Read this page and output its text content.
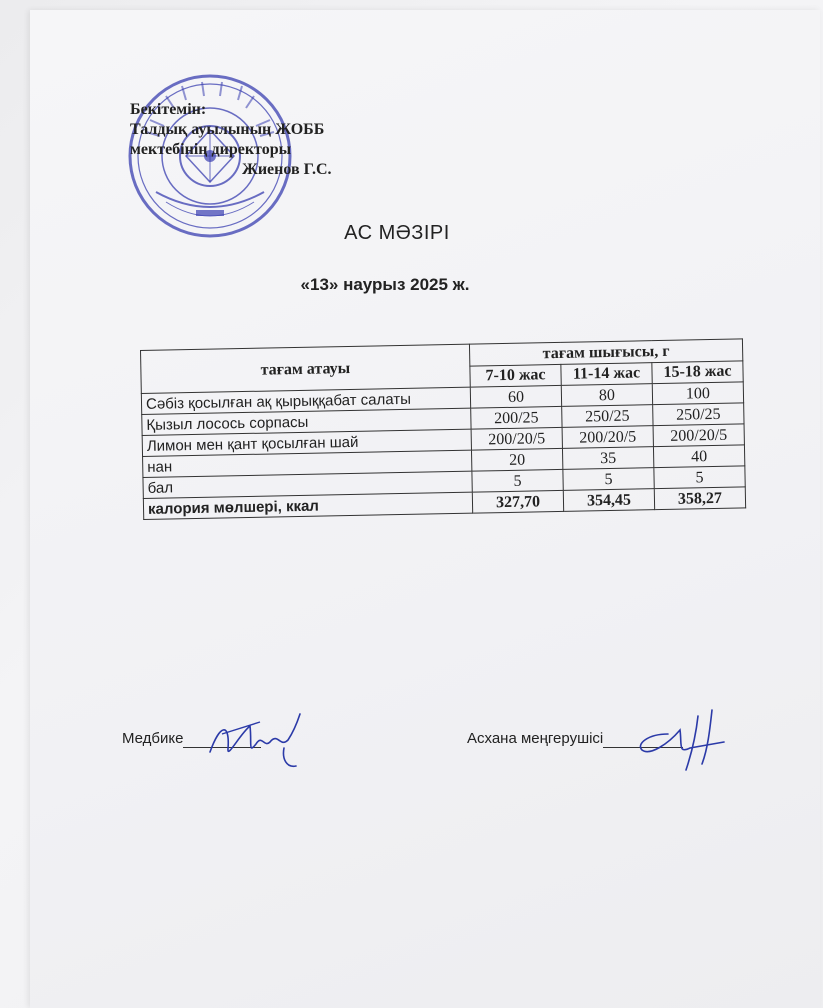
Бекітемін:
Талдық ауылының ЖОББ
мектебінің директоры
Жиенов Г.С.
АС МӘЗІРІ
«13» наурыз 2025 ж.
тағам атауы	тағам шығысы, г		
	7-10 жас	11-14 жас	15-18 жас
Сәбіз қосылған ақ қырыққабат салаты	60	80	100
Қызыл лосось сорпасы	200/25	250/25	250/25
Лимон мен қант қосылған шай	200/20/5	200/20/5	200/20/5
нан	20	35	40
бал	5	5	5
калория мөлшері, ккал	327,70	354,45	358,27
Медбике	Асхана меңгерушісі
